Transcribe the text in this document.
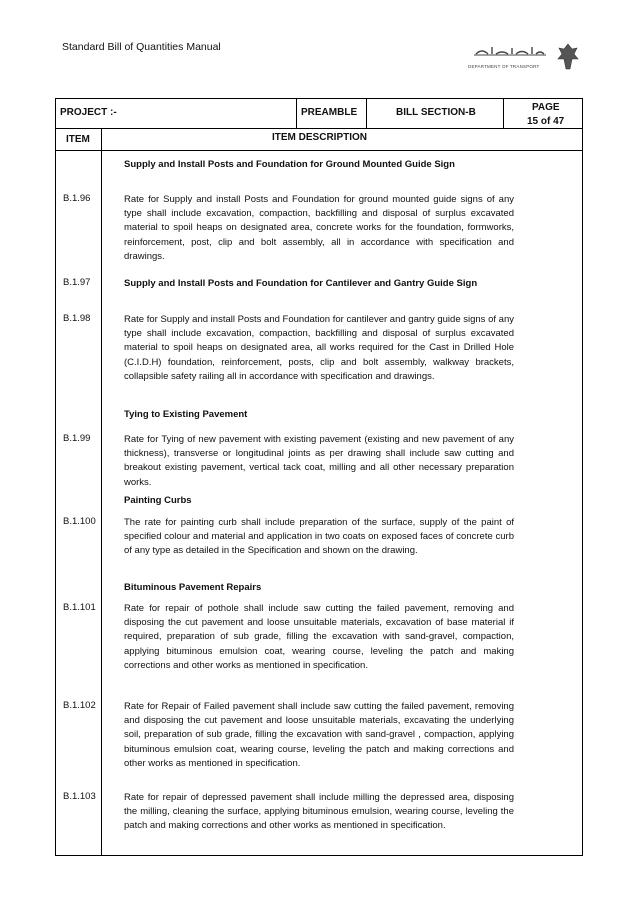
Standard Bill of Quantities Manual
DEPARTMENT OF TRANSPORT
PROJECT :-	PREAMBLE	BILL SECTION-B	PAGE
15 of 47
ITEM	ITEM DESCRIPTION
Supply and Install Posts and Foundation for Ground Mounted Guide Sign
B.1.96	Rate for Supply and install Posts and Foundation for ground mounted guide signs of any type shall include excavation, compaction, backfilling and disposal of surplus excavated material to spoil heaps on designated area, concrete works for the foundation, formworks, reinforcement, post, clip and bolt assembly, all in accordance with specification and drawings.
B.1.97	Supply and Install Posts and Foundation for Cantilever and Gantry Guide Sign
B.1.98	Rate for Supply and install Posts and Foundation for cantilever and gantry guide signs of any type shall include excavation, compaction, backfilling and disposal of surplus excavated material to spoil heaps on designated area, all works required for the Cast in Drilled Hole (C.I.D.H) foundation, reinforcement, posts, clip and bolt assembly, walkway brackets, collapsible safety railing all in accordance with specification and drawings.
Tying to Existing Pavement
B.1.99	Rate for Tying of new pavement with existing pavement (existing and new pavement of any thickness), transverse or longitudinal joints as per drawing shall include saw cutting and breakout existing pavement, vertical tack coat, milling and all other necessary preparation works.
Painting Curbs
B.1.100	The rate for painting curb shall include preparation of the surface, supply of the paint of specified colour and material and application in two coats on exposed faces of concrete curb of any type as detailed in the Specification and shown on the drawing.
Bituminous Pavement Repairs
B.1.101	Rate for repair of pothole shall include saw cutting the failed pavement, removing and disposing the cut pavement and loose unsuitable materials, excavation of base material if required, preparation of sub grade, filling the excavation with sand-gravel, compaction, applying bituminous emulsion coat, wearing course, leveling the patch and making corrections and other works as mentioned in specification.
B.1.102	Rate for Repair of Failed pavement shall include saw cutting the failed pavement, removing and disposing the cut pavement and loose unsuitable materials, excavating the underlying soil, preparation of sub grade, filling the excavation with sand-gravel , compaction, applying bituminous emulsion coat, wearing course, leveling the patch and making corrections and other works as mentioned in specification.
B.1.103	Rate for repair of depressed pavement shall include milling the depressed area, disposing the milling, cleaning the surface, applying bituminous emulsion, wearing course, leveling the patch and making corrections and other works as mentioned in specification.
